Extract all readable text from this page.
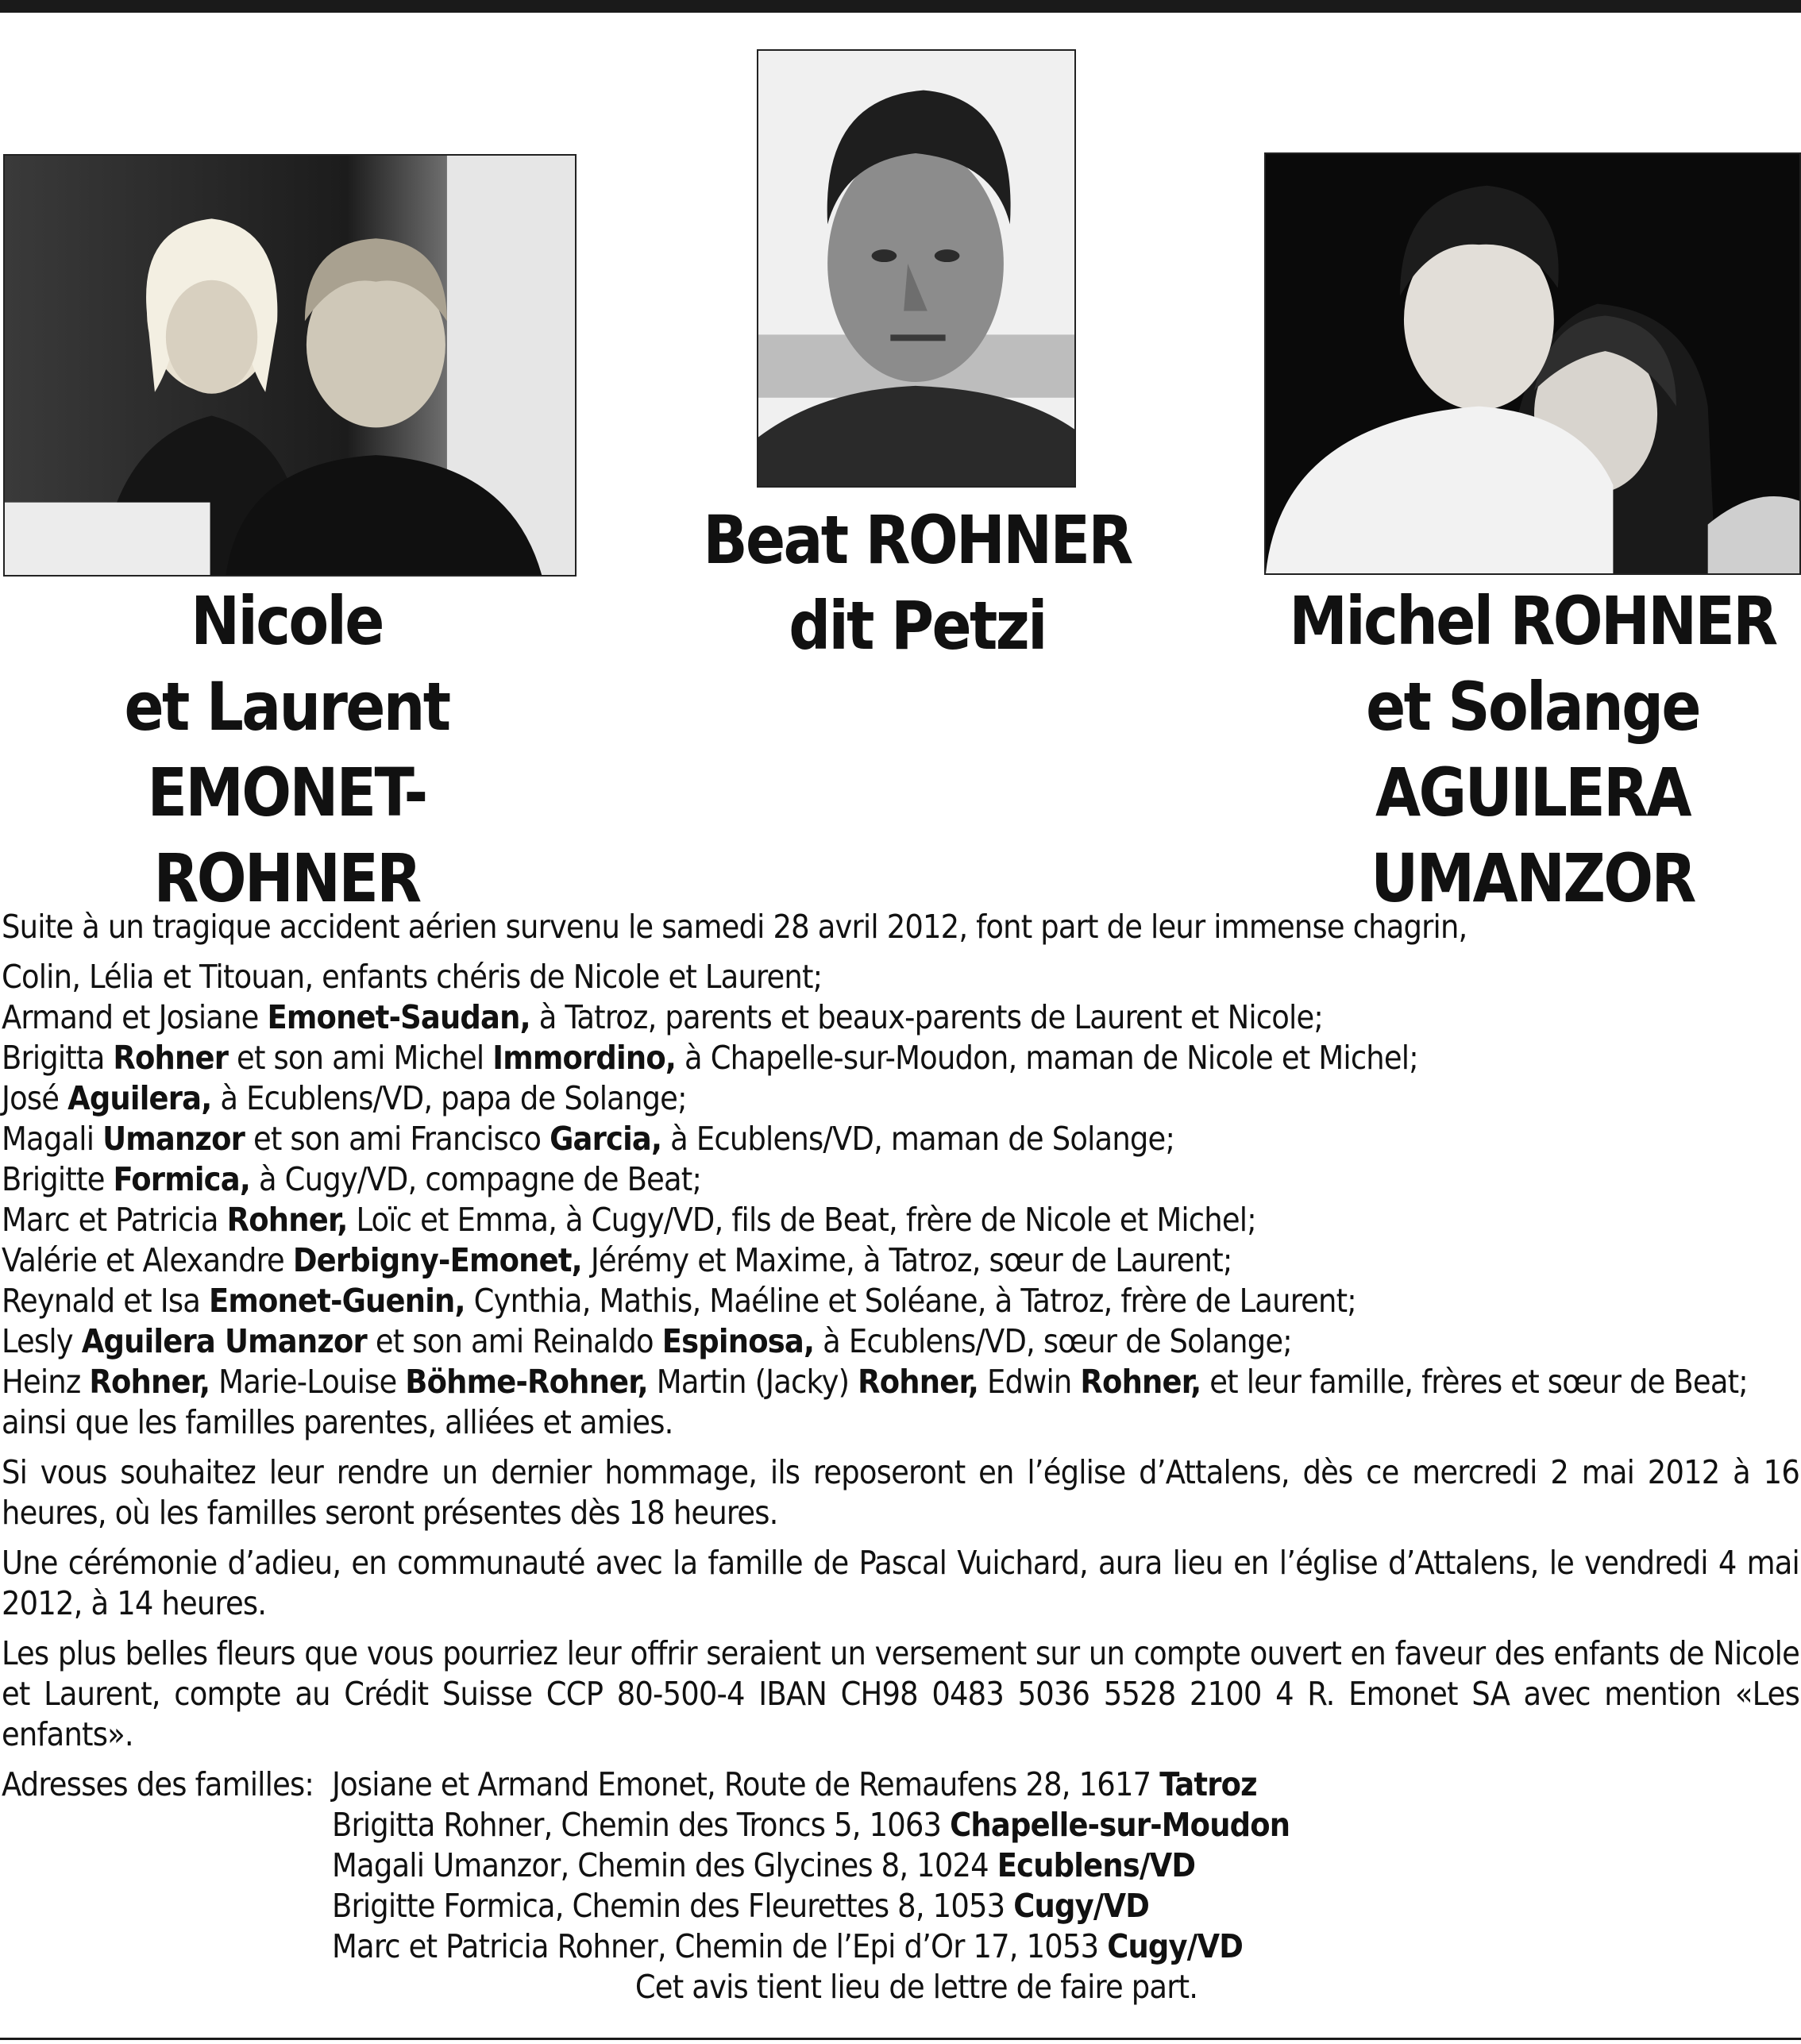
Nicole
et Laurent
EMONET-ROHNER
Beat ROHNER
dit Petzi	Michel ROHNER
et Solange
AGUILERA UMANZOR

Suite à un tragique accident aérien survenu le samedi 28 avril 2012, font part de leur immense chagrin,

Colin, Lélia et Titouan, enfants chéris de Nicole et Laurent;

Armand et Josiane Emonet-Saudan, à Tatroz, parents et beaux-parents de Laurent et Nicole;

Brigitta Rohner et son ami Michel Immordino, à Chapelle-sur-Moudon, maman de Nicole et Michel;

José Aguilera, à Ecublens/VD, papa de Solange;

Magali Umanzor et son ami Francisco Garcia, à Ecublens/VD, maman de Solange;

Brigitte Formica, à Cugy/VD, compagne de Beat;

Marc et Patricia Rohner, Loïc et Emma, à Cugy/VD, fils de Beat, frère de Nicole et Michel;

Valérie et Alexandre Derbigny-Emonet, Jérémy et Maxime, à Tatroz, sœur de Laurent;

Reynald et Isa Emonet-Guenin, Cynthia, Mathis, Maéline et Soléane, à Tatroz, frère de Laurent;

Lesly Aguilera Umanzor et son ami Reinaldo Espinosa, à Ecublens/VD, sœur de Solange;

Heinz Rohner, Marie-Louise Böhme-Rohner, Martin (Jacky) Rohner, Edwin Rohner, et leur famille, frères et sœur de Beat;

ainsi que les familles parentes, alliées et amies.

Si vous souhaitez leur rendre un dernier hommage, ils reposeront en l’église d’Attalens, dès ce mercredi 2 mai 2012 à 16 heures, où les familles seront présentes dès 18 heures.

Une cérémonie d’adieu, en communauté avec la famille de Pascal Vuichard, aura lieu en l’église d’Attalens, le vendredi 4 mai 2012, à 14 heures.

Les plus belles fleurs que vous pourriez leur offrir seraient un versement sur un compte ouvert en faveur des enfants de Nicole et Laurent, compte au Crédit Suisse CCP 80-500-4 IBAN CH98 0483 5036 5528 2100 4 R. Emonet SA avec mention «Les enfants».

Adresses des familles: Josiane et Armand Emonet, Route de Remaufens 28, 1617 Tatroz

Brigitta Rohner, Chemin des Troncs 5, 1063 Chapelle-sur-Moudon

Magali Umanzor, Chemin des Glycines 8, 1024 Ecublens/VD

Brigitte Formica, Chemin des Fleurettes 8, 1053 Cugy/VD

Marc et Patricia Rohner, Chemin de l’Epi d’Or 17, 1053 Cugy/VD

Cet avis tient lieu de lettre de faire part.
